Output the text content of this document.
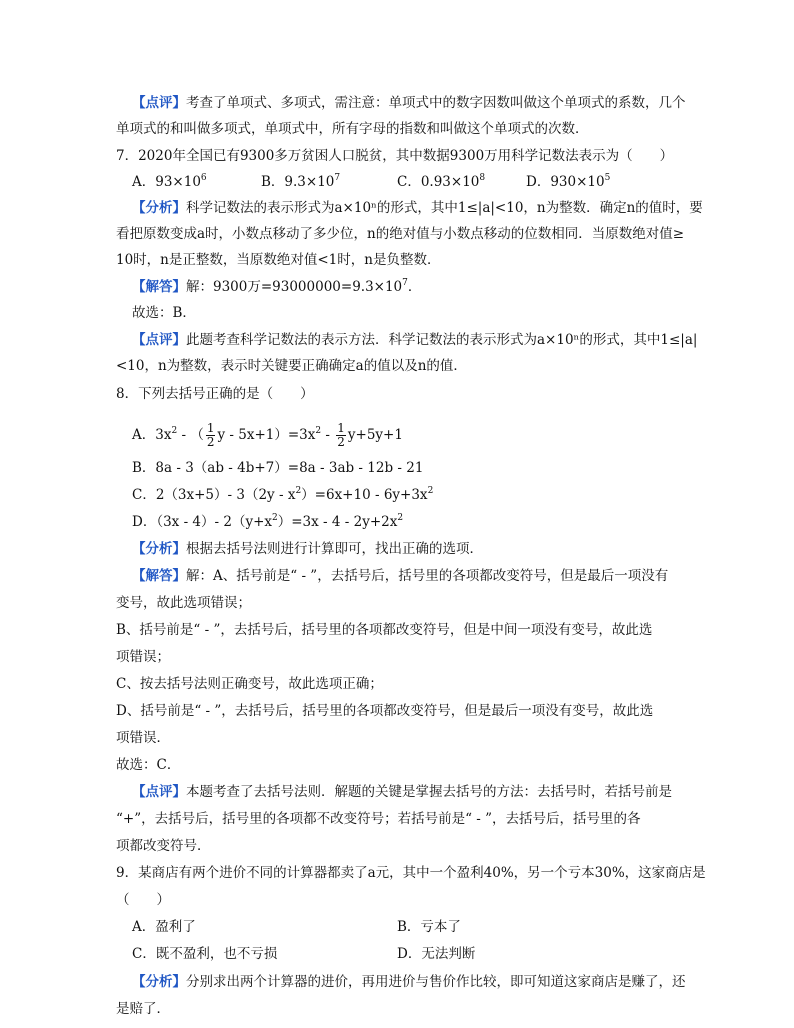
【点评】考查了单项式、多项式，需注意：单项式中的数字因数叫做这个单项式的系数，几个
单项式的和叫做多项式，单项式中，所有字母的指数和叫做这个单项式的次数．
7．2020年全国已有9300多万贫困人口脱贫，其中数据9300万用科学记数法表示为（　　）
A．$93\times 10^6$	B．$9.3\times 10^7$	C．$0.93\times 10^8$	D．$930\times 10^5$
【分析】科学记数法的表示形式为a×10ⁿ的形式，其中1≤|a|<10，n为整数．确定n的值时，要
看把原数变成a时，小数点移动了多少位，n的绝对值与小数点移动的位数相同．当原数绝对值≥
10时，n是正整数，当原数绝对值<1时，n是负整数．
【解答】解：9300万$=93000000=9.3\times 10^7$．
故选：B．
【点评】此题考查科学记数法的表示方法．科学记数法的表示形式为a×10ⁿ的形式，其中1≤|a|
<10，n为整数，表示时关键要正确确定a的值以及n的值．
8．下列去括号正确的是（　　）
A．$3x^2$ - （ $\frac{1}{2}$ $y - 5x+1)=3x^2 - \frac{1}{2} y+5y+1$
B．8a - 3（ab - 4b+7）=8a - 3ab - 12b - 21
C．2（3x+5）- $3(2y - x^2)=6x+10 - 6y+3x^2$
D．（3x - 4）- $2(y+x^2)=3x - 4 - 2y+2x^2$
【分析】根据去括号法则进行计算即可，找出正确的选项．
【解答】解：A、括号前是“ - ”，去括号后，括号里的各项都改变符号，但是最后一项没有
变号，故此选项错误；
B、括号前是“ - ”，去括号后，括号里的各项都改变符号，但是中间一项没有变号，故此选
项错误；
C、按去括号法则正确变号，故此选项正确；
D、括号前是“ - ”，去括号后，括号里的各项都改变符号，但是最后一项没有变号，故此选
项错误．
故选：C．
【点评】本题考查了去括号法则．解题的关键是掌握去括号的方法：去括号时，若括号前是
“+”，去括号后，括号里的各项都不改变符号；若括号前是“ - ”，去括号后，括号里的各
项都改变符号．
9．某商店有两个进价不同的计算器都卖了a元，其中一个盈利40%，另一个亏本30%，这家商店是
（　　）
A．盈利了	B．亏本了
C．既不盈利，也不亏损	D．无法判断
【分析】分别求出两个计算器的进价，再用进价与售价作比较，即可知道这家商店是赚了，还
是赔了．
